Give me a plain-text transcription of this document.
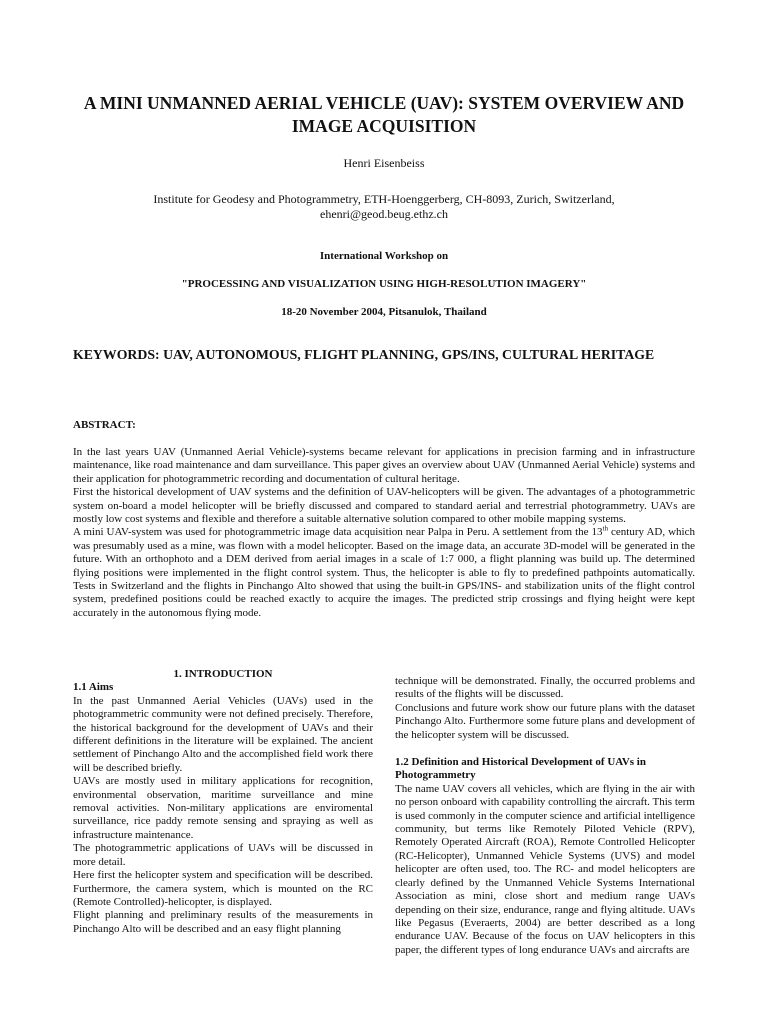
A MINI UNMANNED AERIAL VEHICLE (UAV): SYSTEM OVERVIEW AND IMAGE ACQUISITION

Henri Eisenbeiss

Institute for Geodesy and Photogrammetry, ETH-Hoenggerberg, CH-8093, Zurich, Switzerland,

ehenri@geod.beug.ethz.ch

International Workshop on

"PROCESSING AND VISUALIZATION USING HIGH-RESOLUTION IMAGERY"

18-20 November 2004, Pitsanulok, Thailand

KEYWORDS: UAV, AUTONOMOUS, FLIGHT PLANNING, GPS/INS, CULTURAL HERITAGE

ABSTRACT:

In the last years UAV (Unmanned Aerial Vehicle)-systems became relevant for applications in precision farming and in infrastructure maintenance, like road maintenance and dam surveillance. This paper gives an overview about UAV (Unmanned Aerial Vehicle) systems and their application for photogrammetric recording and documentation of cultural heritage.

First the historical development of UAV systems and the definition of UAV-helicopters will be given. The advantages of a photogrammetric system on-board a model helicopter will be briefly discussed and compared to standard aerial and terrestrial photogrammetry. UAVs are mostly low cost systems and flexible and therefore a suitable alternative solution compared to other mobile mapping systems.

A mini UAV-system was used for photogrammetric image data acquisition near Palpa in Peru. A settlement from the 13th century AD, which was presumably used as a mine, was flown with a model helicopter. Based on the image data, an accurate 3D-model will be generated in the future. With an orthophoto and a DEM derived from aerial images in a scale of 1:7 000, a flight planning was build up. The determined flying positions were implemented in the flight control system. Thus, the helicopter is able to fly to predefined pathpoints automatically. Tests in Switzerland and the flights in Pinchango Alto showed that using the built-in GPS/INS- and stabilization units of the flight control system, predefined positions could be reached exactly to acquire the images. The predicted strip crossings and flying height were kept accurately in the autonomous flying mode.

1. INTRODUCTION

1.1 Aims

In the past Unmanned Aerial Vehicles (UAVs) used in the photogrammetric community were not defined precisely. Therefore, the historical background for the development of UAVs and their different definitions in the literature will be explained. The ancient settlement of Pinchango Alto and the accomplished field work there will be described briefly.

UAVs are mostly used in military applications for recognition, environmental observation, maritime surveillance and mine removal activities. Non-military applications are enviromental surveillance, rice paddy remote sensing and spraying as well as infrastructure maintenance.

The photogrammetric applications of UAVs will be discussed in more detail.

Here first the helicopter system and specification will be described. Furthermore, the camera system, which is mounted on the RC (Remote Controlled)-helicopter, is displayed.

Flight planning and preliminary results of the measurements in Pinchango Alto will be described and an easy flight planning

technique will be demonstrated. Finally, the occurred problems and results of the flights will be discussed.

Conclusions and future work show our future plans with the dataset Pinchango Alto. Furthermore some future plans and development of the helicopter system will be discussed.

1.2 Definition and Historical Development of UAVs in Photogrammetry

The name UAV covers all vehicles, which are flying in the air with no person onboard with capability controlling the aircraft. This term is used commonly in the computer science and artificial intelligence community, but terms like Remotely Piloted Vehicle (RPV), Remotely Operated Aircraft (ROA), Remote Controlled Helicopter (RC-Helicopter), Unmanned Vehicle Systems (UVS) and model helicopter are often used, too. The RC- and model helicopters are clearly defined by the Unmanned Vehicle Systems International Association as mini, close short and medium range UAVs depending on their size, endurance, range and flying altitude. UAVs like Pegasus (Everaerts, 2004) are better described as a long endurance UAV. Because of the focus on UAV helicopters in this paper, the different types of long endurance UAVs and aircrafts are
